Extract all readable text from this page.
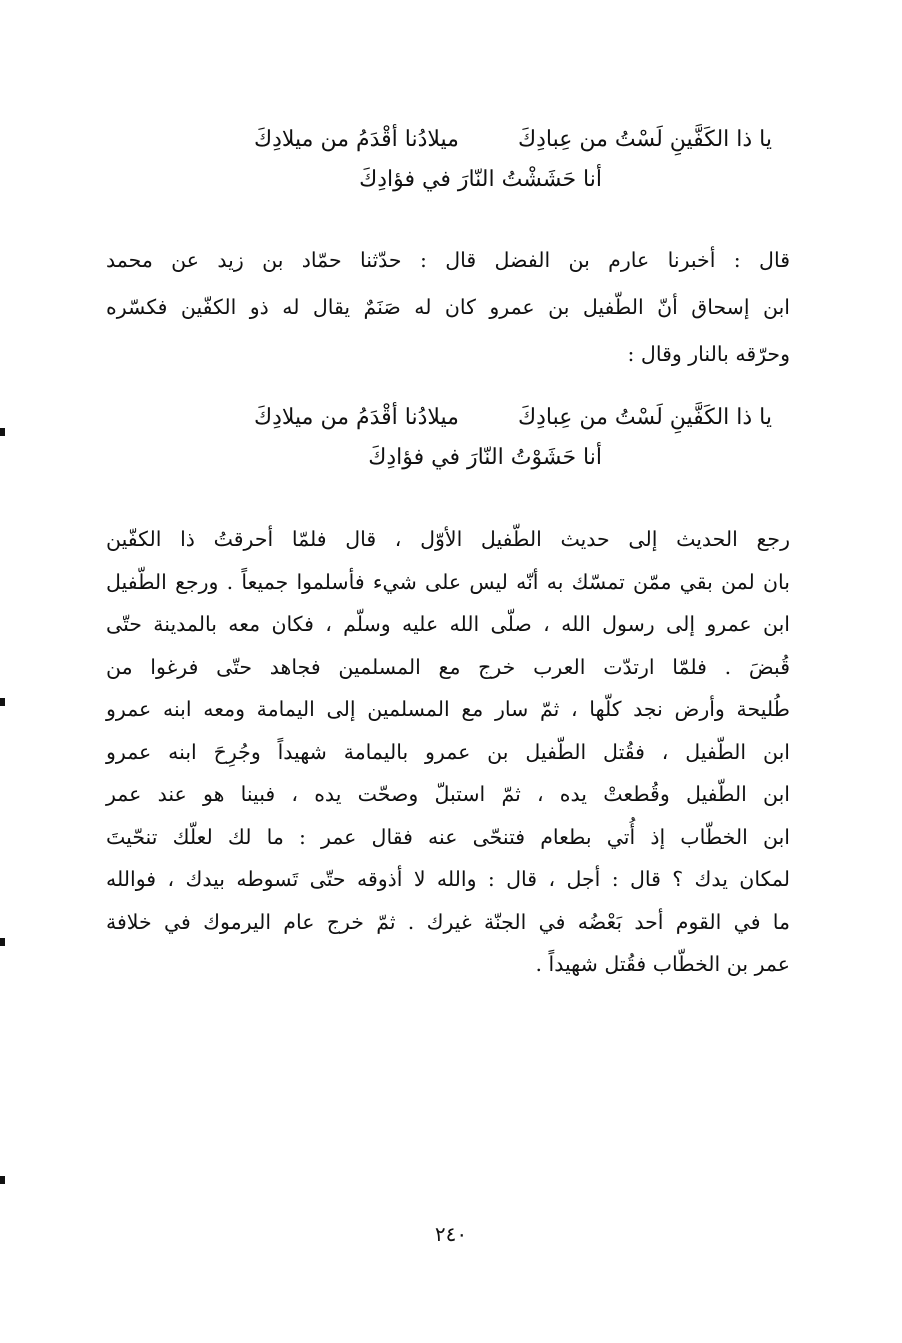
يا ذا الكَفَّينِ لَسْتُ من عِبادِكَ ميلادُنا أقْدَمُ من ميلادِكَ
أنا حَشَشْتُ النّارَ في فؤادِكَ
قال : أخبرنا عارم بن الفضل قال : حدّثنا حمّاد بن زيد عن محمد
ابن إسحاق أنّ الطّفيل بن عمرو كان له صَنَمٌ يقال له ذو الكفّين فكسّره
وحرّقه بالنار وقال :
يا ذا الكَفَّينِ لَسْتُ من عِبادِكَ ميلادُنا أقْدَمُ من ميلادِكَ
أنا حَشَوْتُ النّارَ في فؤادِكَ
رجع الحديث إلى حديث الطّفيل الأوّل ، قال فلمّا أحرقتُ ذا الكفّين
بان لمن بقي ممّن تمسّك به أنّه ليس على شيء فأسلموا جميعاً . ورجع الطّفيل
ابن عمرو إلى رسول الله ، صلّى الله عليه وسلّم ، فكان معه بالمدينة حتّى
قُبضَ . فلمّا ارتدّت العرب خرج مع المسلمين فجاهد حتّى فرغوا من
طُليحة وأرض نجد كلّها ، ثمّ سار مع المسلمين إلى اليمامة ومعه ابنه عمرو
ابن الطّفيل ، فقُتل الطّفيل بن عمرو باليمامة شهيداً وجُرِحَ ابنه عمرو
ابن الطّفيل وقُطعتْ يده ، ثمّ استبلّ وصحّت يده ، فبينا هو عند عمر
ابن الخطّاب إذ أُتي بطعام فتنحّى عنه فقال عمر : ما لك لعلّك تنحّيتَ
لمكان يدك ؟ قال : أجل ، قال : والله لا أذوقه حتّى تَسوطه بيدك ، فوالله
ما في القوم أحد بَعْضُه في الجنّة غيرك . ثمّ خرج عام اليرموك في خلافة
عمر بن الخطّاب فقُتل شهيداً .
٢٤٠
